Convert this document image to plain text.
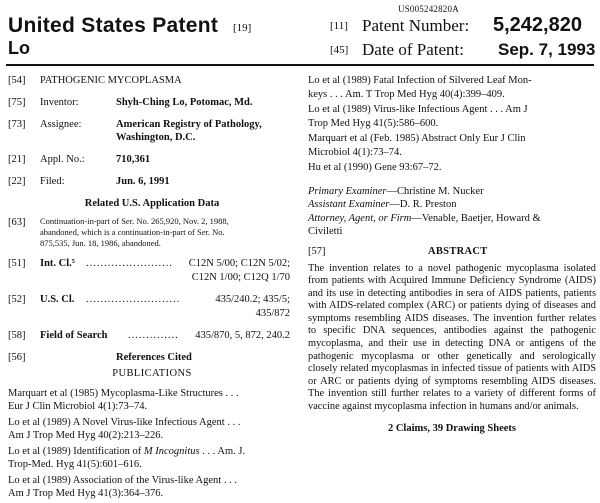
US005242820A
United States Patent [19]
Lo
[11] Patent Number: 5,242,820
[45] Date of Patent: Sep. 7, 1993
[54] PATHOGENIC MYCOPLASMA
[75] Inventor:	Shyh-Ching Lo, Potomac, Md.
[73] Assignee:	American Registry of Pathology,
Washington, D.C.
[21] Appl. No.:	710,361
[22] Filed:	Jun. 6, 1991
Related U.S. Application Data
[63]	Continuation-in-part of Ser. No. 265,920, Nov. 2, 1988,
abandoned, which is a continuation-in-part of Ser. No.
875,535, Jun. 18, 1986, abandoned.
[51] Int. Cl.⁵ ........................ C12N 5/00; C12N 5/02;
C12N 1/00; C12Q 1/70
[52] U.S. Cl. ..........................	435/240.2; 435/5;
435/872
[58] Field of Search .............. 435/870, 5, 872, 240.2
[56]	References Cited
PUBLICATIONS
Marquart et al (1985) Mycoplasma-Like Structures . . .
Eur J Clin Microbiol 4(1):73–74.
Lo et al (1989) A Novel Virus-like Infectious Agent . . .
Am J Trop Med Hyg 40(2):213–226.
Lo et al (1989) Identification of M Incognitus . . . Am. J.
Trop-Med. Hyg 41(5):601–616.
Lo et al (1989) Association of the Virus-like Agent . . .
Am J Trop Med Hyg 41(3):364–376.
Lo et al (1989) Fatal Infection of Silvered Leaf Mon-
keys . . . Am. T Trop Med Hyg 40(4):399–409.
Lo et al (1989) Virus-like Infectious Agent . . . Am J
Trop Med Hyg 41(5):586–600.
Marquart et al (Feb. 1985) Abstract Only Eur J Clin
Microbiol 4(1):73–74.
Hu et al (1990) Gene 93:67–72.
Primary Examiner—Christine M. Nucker
Assistant Examiner—D. R. Preston
Attorney, Agent, or Firm—Venable, Baetjer, Howard &
Civiletti
[57]	ABSTRACT
The invention relates to a novel pathogenic mycoplasma isolated from patients with Acquired Immune Deficiency Syndrome (AIDS) and its use in detecting antibodies in sera of AIDS patients, patients with AIDS-related complex (ARC) or patients dying of diseases and symptoms resembling AIDS diseases. The invention further relates to specific DNA sequences, antibodies against the pathogenic mycoplasma, and their use in detecting DNA or antigens of the pathogenic mycoplasma or other genetically and serologically closely related mycoplasmas in infected tissue of patients with AIDS or ARC or patients dying of symptoms resembling AIDS diseases. The invention still further relates to a variety of different forms of vaccine against mycoplasma infection in humans and/or animals.
2 Claims, 39 Drawing Sheets
